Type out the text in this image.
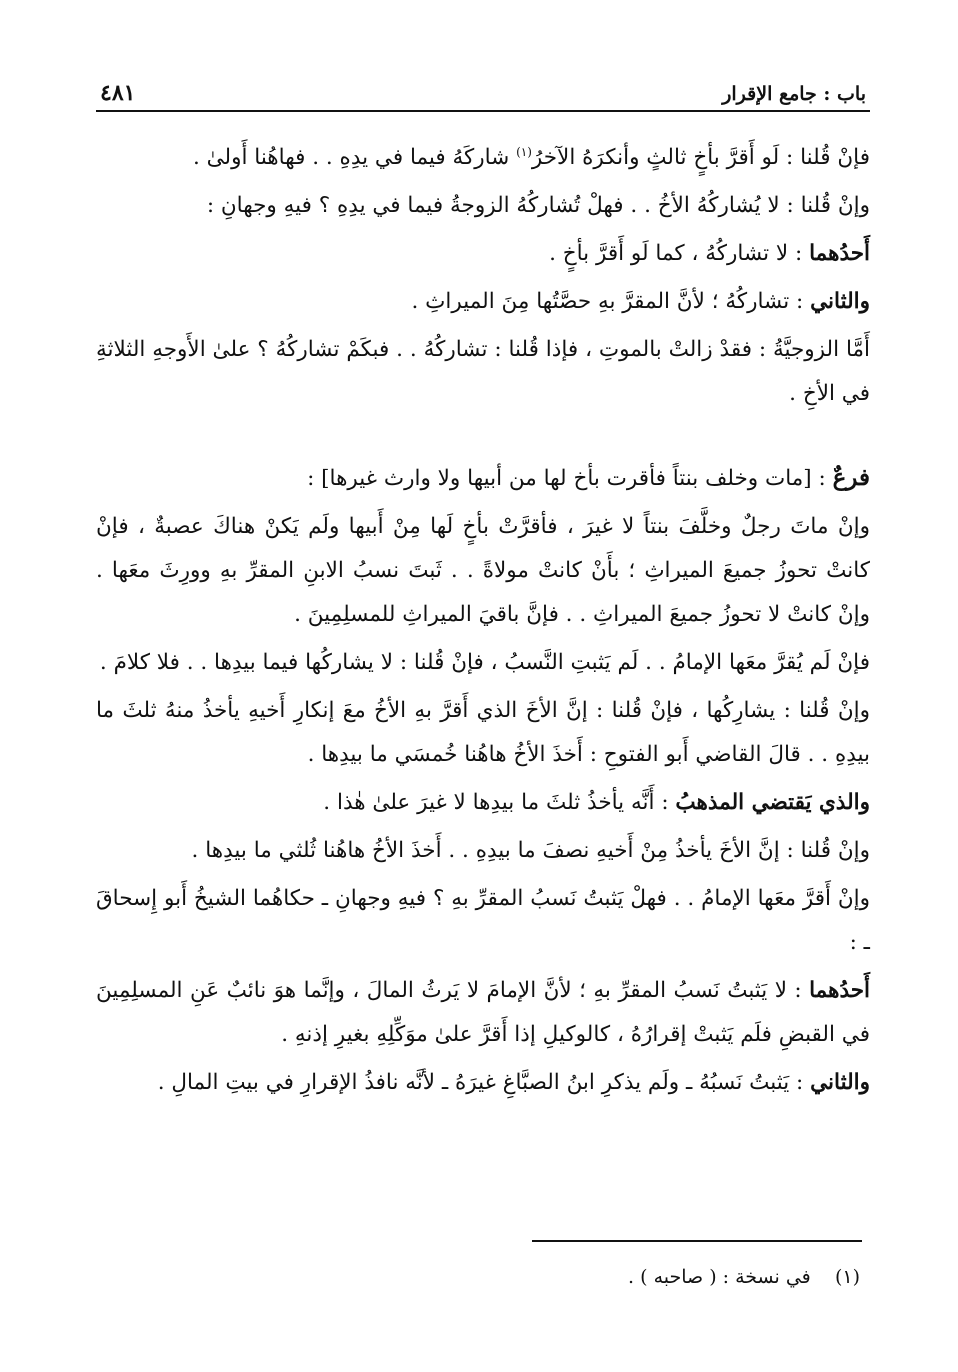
باب : جامع الإقرار
٤٨١

فإنْ قُلنا : لَو أَقرَّ بأخٍ ثالثٍ وأنكرَهُ الآخرُ$^{(١)}$ شاركَهُ فيما في يدِهِ . . فهاهُنا أَولىٰ .

وإنْ قُلنا : لا يُشاركُهُ الأخُ . . فهلْ تُشاركُهُ الزوجةُ فيما في يدِهِ ؟ فيهِ وجهانِ :

أَحدُهما : لا تشاركُهُ ، كما لَو أَقرَّ بأخٍ .

والثاني : تشاركُهُ ؛ لأنَّ المقرَّ بهِ حصَّتُها مِنَ الميراثِ .

أَمَّا الزوجيَّةُ : فقدْ زالتْ بالموتِ ، فإذا قُلنا : تشاركُهُ . . فبكَمْ تشاركُهُ ؟ علىٰ الأَوجهِ الثلاثةِ في الأخِ .

فرعٌ : [مات وخلف بنتاً فأقرت بأخ لها من أبيها ولا وارث غيرها] :

وإنْ ماتَ رجلٌ وخلَّفَ بنتاً لا غيرَ ، فأقرَّتْ بأخٍ لَها مِنْ أَبيها ولَم يَكنْ هناكَ عصبةٌ ، فإنْ كانتْ تحوزُ جميعَ الميراثِ ؛ بأَنْ كانتْ مولاةً . . ثَبتَ نسبُ الابنِ المقرِّ بهِ وورِثَ معَها . وإنْ كانتْ لا تحوزُ جميعَ الميراثِ . . فإنَّ باقيَ الميراثِ للمسلِمِينَ .

فإنْ لَم يُقرَّ معَها الإمامُ . . لَم يَثبتِ النَّسبُ ، فإنْ قُلنا : لا يشاركُها فيما بيدِها . . فلا كلامَ .

وإنْ قُلنا : يشارِكُها ، فإنْ قُلنا : إنَّ الأخَ الذي أَقرَّ بهِ الأخُ معَ إنكارِ أَخيهِ يأخذُ منهُ ثلثَ ما بيدِهِ . . قالَ القاضي أَبو الفتوحِ : أَخذَ الأخُ هاهُنا خُمسَي ما بيدِها .

والذي يَقتضي المذهبُ : أَنَّه يأخذُ ثلثَ ما بيدِها لا غيرَ علىٰ هٰذا .

وإنْ قُلنا : إنَّ الأخَ يأخذُ مِنْ أَخيهِ نصفَ ما بيدِهِ . . أَخذَ الأخُ هاهُنا ثُلثي ما بيدِها .

وإنْ أَقرَّ معَها الإمامُ . . فهلْ يَثبتُ نَسبُ المقرِّ بهِ ؟ فيهِ وجهانِ ـ حكاهُما الشيخُ أَبو إِسحاقَ ـ :

أَحدُهما : لا يَثبتُ نَسبُ المقرِّ بهِ ؛ لأنَّ الإمامَ لا يَرثُ المالَ ، وإنَّما هوَ نائبٌ عَنِ المسلِمِينَ في القبضِ فلَم يَثبتْ إقرارُهُ ، كالوكيلِ إذا أَقرَّ علىٰ موَكِّلِهِ بغيرِ إذنهِ .

والثاني : يَثبتُ نَسبُهُ ـ ولَم يذكرِ ابنُ الصبَّاغِ غيرَهُ ـ لأنَّه نافذُ الإقرارِ في بيتِ المالِ .

(١)    في نسخة : ( صاحبه ) .
